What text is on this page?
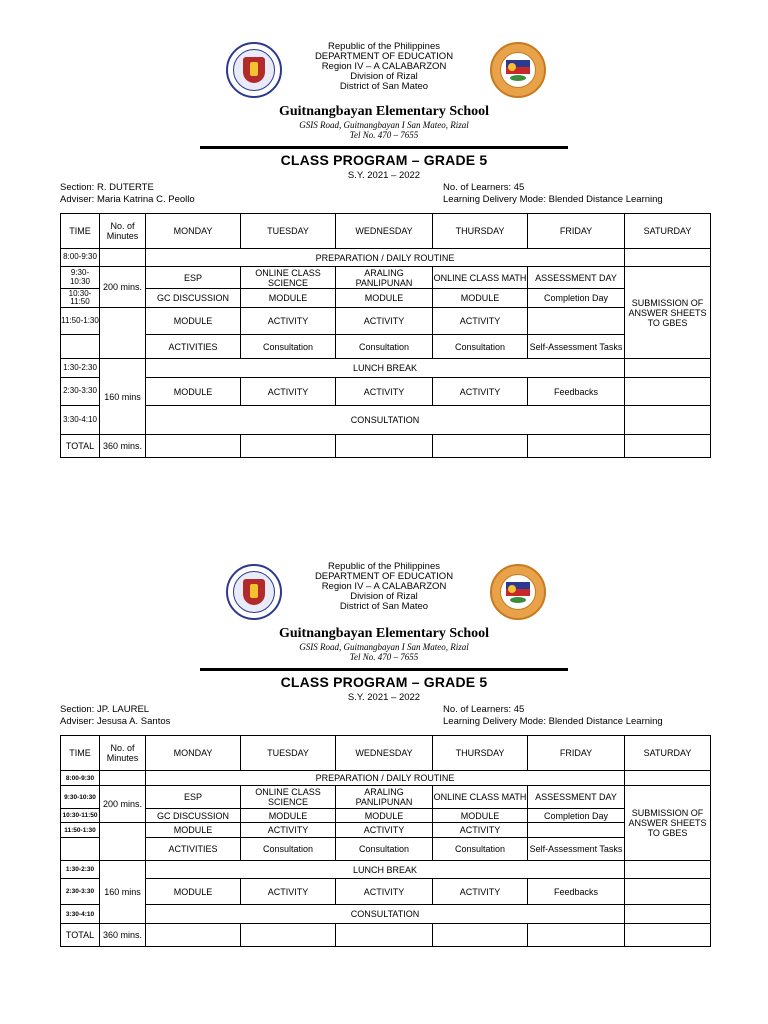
Republic of the Philippines
DEPARTMENT OF EDUCATION
Region IV – A CALABARZON
Division of Rizal
District of San Mateo
Guitnangbayan Elementary School
GSIS Road, Guitnangbayan I San Mateo, Rizal
Tel No. 470 – 7655
CLASS PROGRAM – GRADE 5
S.Y. 2021 – 2022
Section: R. DUTERTE
Adviser: Maria Katrina C. Peollo
No. of Learners: 45
Learning Delivery Mode: Blended Distance Learning
TIME	No. of Minutes	MONDAY	TUESDAY	WEDNESDAY	THURSDAY	FRIDAY	SATURDAY
8:00-9:30		PREPARATION / DAILY ROUTINE					
9:30-10:30	200 mins.	ESP	ONLINE CLASS SCIENCE	ARALING PANLIPUNAN	ONLINE CLASS MATH	ASSESSMENT DAY	SUBMISSION OF ANSWER SHEETS TO GBES
10:30-11:50		GC DISCUSSION	MODULE	MODULE	MODULE	Completion Day	
11:50-1:30		MODULE	ACTIVITY	ACTIVITY	ACTIVITY		
		ACTIVITIES	Consultation	Consultation	Consultation	Self-Assessment Tasks	
1:30-2:30	160 mins	LUNCH BREAK					
2:30-3:30		MODULE	ACTIVITY	ACTIVITY	ACTIVITY	Feedbacks	
3:30-4:10		CONSULTATION					
TOTAL	360 mins.						
Republic of the Philippines
DEPARTMENT OF EDUCATION
Region IV – A CALABARZON
Division of Rizal
District of San Mateo
Guitnangbayan Elementary School
GSIS Road, Guitnangbayan I San Mateo, Rizal
Tel No. 470 – 7655
CLASS PROGRAM – GRADE 5
S.Y. 2021 – 2022
Section: JP. LAUREL
Adviser: Jesusa A. Santos
No. of Learners: 45
Learning Delivery Mode: Blended Distance Learning
TIME	No. of Minutes	MONDAY	TUESDAY	WEDNESDAY	THURSDAY	FRIDAY	SATURDAY
8:00-9:30		PREPARATION / DAILY ROUTINE					
9:30-10:30	200 mins.	ESP	ONLINE CLASS SCIENCE	ARALING PANLIPUNAN	ONLINE CLASS MATH	ASSESSMENT DAY	SUBMISSION OF ANSWER SHEETS TO GBES
10:30-11:50		GC DISCUSSION	MODULE	MODULE	MODULE	Completion Day	
11:50-1:30		MODULE	ACTIVITY	ACTIVITY	ACTIVITY		
		ACTIVITIES	Consultation	Consultation	Consultation	Self-Assessment Tasks	
1:30-2:30	160 mins	LUNCH BREAK					
2:30-3:30		MODULE	ACTIVITY	ACTIVITY	ACTIVITY	Feedbacks	
3:30-4:10		CONSULTATION					
TOTAL	360 mins.						
